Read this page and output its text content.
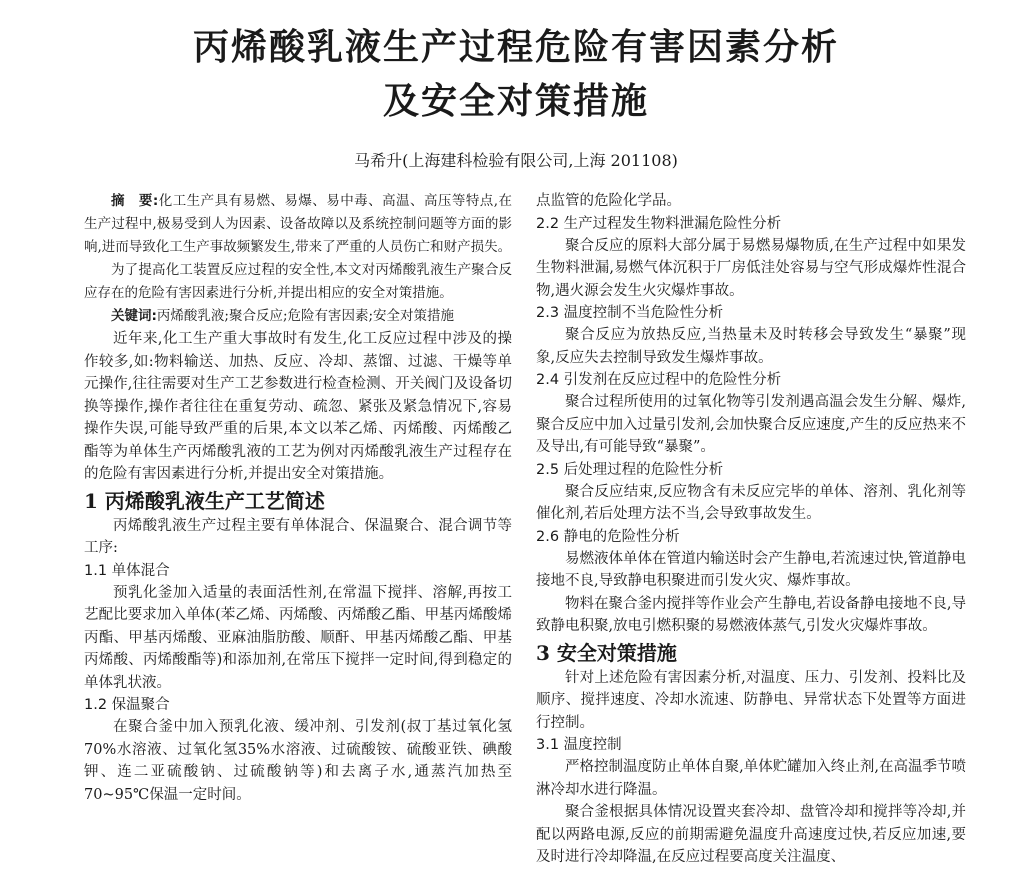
丙烯酸乳液生产过程危险有害因素分析
及安全对策措施
马希升(上海建科检验有限公司,上海 201108)

摘　要:化工生产具有易燃、易爆、易中毒、高温、高压等特点,在生产过程中,极易受到人为因素、设备故障以及系统控制问题等方面的影响,进而导致化工生产事故频繁发生,带来了严重的人员伤亡和财产损失。

为了提高化工装置反应过程的安全性,本文对丙烯酸乳液生产聚合反应存在的危险有害因素进行分析,并提出相应的安全对策措施。

关键词:丙烯酸乳液;聚合反应;危险有害因素;安全对策措施

近年来,化工生产重大事故时有发生,化工反应过程中涉及的操作较多,如:物料输送、加热、反应、冷却、蒸馏、过滤、干燥等单元操作,往往需要对生产工艺参数进行检查检测、开关阀门及设备切换等操作,操作者往往在重复劳动、疏忽、紧张及紧急情况下,容易操作失误,可能导致严重的后果,本文以苯乙烯、丙烯酸、丙烯酸乙酯等为单体生产丙烯酸乳液的工艺为例对丙烯酸乳液生产过程存在的危险有害因素进行分析,并提出安全对策措施。

1 丙烯酸乳液生产工艺简述

丙烯酸乳液生产过程主要有单体混合、保温聚合、混合调节等工序:

1.1 单体混合

预乳化釜加入适量的表面活性剂,在常温下搅拌、溶解,再按工艺配比要求加入单体(苯乙烯、丙烯酸、丙烯酸乙酯、甲基丙烯酸烯丙酯、甲基丙烯酸、亚麻油脂肪酸、顺酐、甲基丙烯酸乙酯、甲基丙烯酸、丙烯酸酯等)和添加剂,在常压下搅拌一定时间,得到稳定的单体乳状液。

1.2 保温聚合

在聚合釜中加入预乳化液、缓冲剂、引发剂(叔丁基过氧化氢70%水溶液、过氧化氢35%水溶液、过硫酸铵、硫酸亚铁、碘酸钾、连二亚硫酸钠、过硫酸钠等)和去离子水,通蒸汽加热至70~95℃保温一定时间。

点监管的危险化学品。

2.2 生产过程发生物料泄漏危险性分析

聚合反应的原料大部分属于易燃易爆物质,在生产过程中如果发生物料泄漏,易燃气体沉积于厂房低洼处容易与空气形成爆炸性混合物,遇火源会发生火灾爆炸事故。

2.3 温度控制不当危险性分析

聚合反应为放热反应,当热量未及时转移会导致发生“暴聚”现象,反应失去控制导致发生爆炸事故。

2.4 引发剂在反应过程中的危险性分析

聚合过程所使用的过氧化物等引发剂遇高温会发生分解、爆炸,聚合反应中加入过量引发剂,会加快聚合反应速度,产生的反应热来不及导出,有可能导致“暴聚”。

2.5 后处理过程的危险性分析

聚合反应结束,反应物含有未反应完毕的单体、溶剂、乳化剂等催化剂,若后处理方法不当,会导致事故发生。

2.6 静电的危险性分析

易燃液体单体在管道内输送时会产生静电,若流速过快,管道静电接地不良,导致静电积聚进而引发火灾、爆炸事故。

物料在聚合釜内搅拌等作业会产生静电,若设备静电接地不良,导致静电积聚,放电引燃积聚的易燃液体蒸气,引发火灾爆炸事故。

3 安全对策措施

针对上述危险有害因素分析,对温度、压力、引发剂、投料比及顺序、搅拌速度、冷却水流速、防静电、异常状态下处置等方面进行控制。

3.1 温度控制

严格控制温度防止单体自聚,单体贮罐加入终止剂,在高温季节喷淋冷却水进行降温。

聚合釜根据具体情况设置夹套冷却、盘管冷却和搅拌等冷却,并配以两路电源,反应的前期需避免温度升高速度过快,若反应加速,要及时进行冷却降温,在反应过程要高度关注温度、
